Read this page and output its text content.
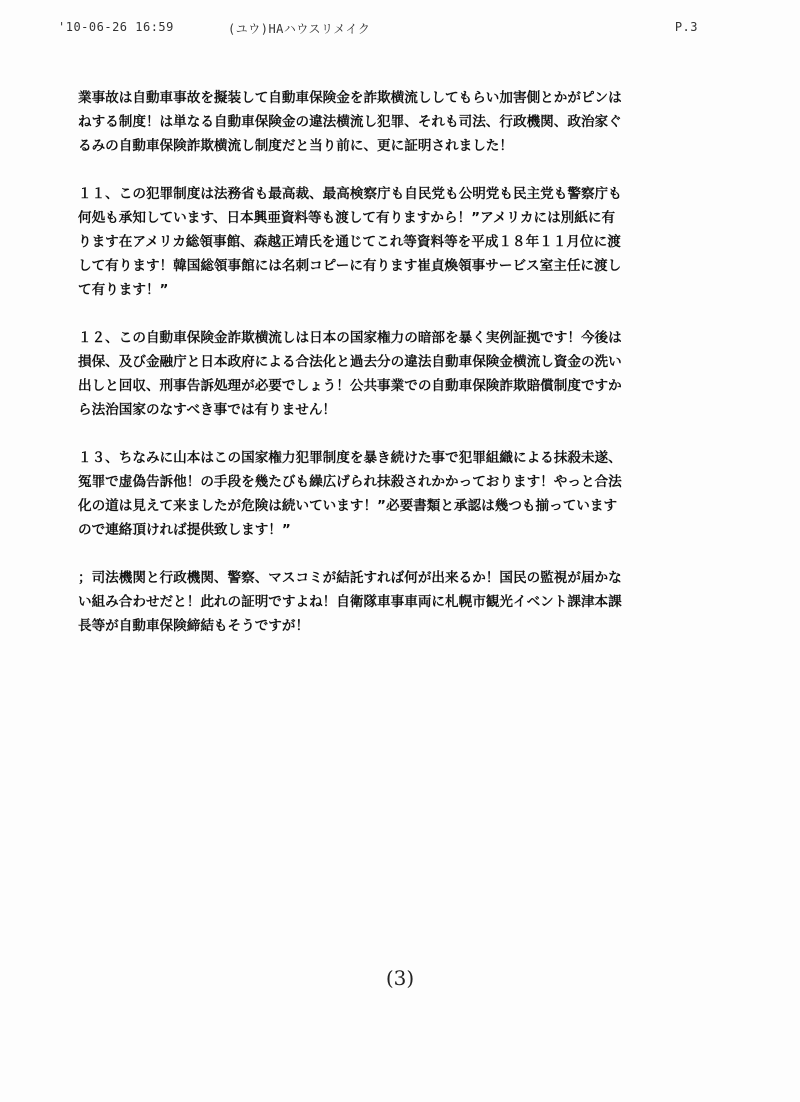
'10-06-26 16:59	(ユウ)HAハウスリメイク	P.3

業事故は自動車事故を擬装して自動車保険金を詐欺横流ししてもらい加害側とかがピンは
ねする制度！は単なる自動車保険金の違法横流し犯罪、それも司法、行政機関、政治家ぐ
るみの自動車保険詐欺横流し制度だと当り前に、更に証明されました！

１１、この犯罪制度は法務省も最高裁、最高検察庁も自民党も公明党も民主党も警察庁も
何処も承知しています、日本興亜資料等も渡して有りますから！”アメリカには別紙に有
ります在アメリカ総領事館、森越正靖氏を通じてこれ等資料等を平成１８年１１月位に渡
して有ります！韓国総領事館には名刺コピーに有ります崔貞煥領事サービス室主任に渡し
て有ります！”

１２、この自動車保険金詐欺横流しは日本の国家権力の暗部を暴く実例証拠です！今後は
損保、及び金融庁と日本政府による合法化と過去分の違法自動車保険金横流し資金の洗い
出しと回収、刑事告訴処理が必要でしょう！公共事業での自動車保険詐欺賠償制度ですか
ら法治国家のなすべき事では有りません！

１３、ちなみに山本はこの国家権力犯罪制度を暴き続けた事で犯罪組織による抹殺未遂、
冤罪で虚偽告訴他！の手段を幾たびも繰広げられ抹殺されかかっております！やっと合法
化の道は見えて来ましたが危険は続いています！”必要書類と承認は幾つも揃っています
ので連絡頂ければ提供致します！”

；司法機関と行政機関、警察、マスコミが結託すれば何が出来るか！国民の監視が届かな
い組み合わせだと！此れの証明ですよね！自衛隊車事車両に札幌市観光イベント課津本課
長等が自動車保険締結もそうですが！

(3)
